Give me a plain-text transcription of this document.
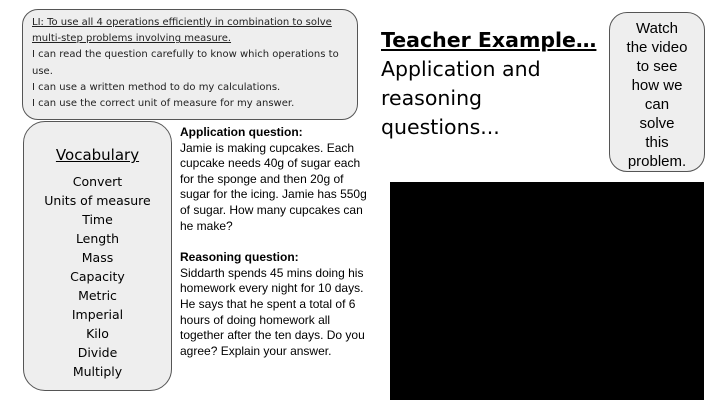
LI: To use all 4 operations efficiently in combination to solve multi-step problems involving measure.

I can read the question carefully to know which operations to use.

I can use a written method to do my calculations.

I can use the correct unit of measure for my answer.

Vocabulary
Convert
Units of measure
Time
Length
Mass
Capacity
Metric
Imperial
Kilo
Divide
Multiply
Application question:

Jamie is making cupcakes. Each cupcake needs 40g of sugar each for the sponge and then 20g of sugar for the icing. Jamie has 550g of sugar. How many cupcakes can he make?

Reasoning question:

Siddarth spends 45 mins doing his homework every night for 10 days. He says that he spent a total of 6 hours of doing homework all together after the ten days. Do you agree? Explain your answer.

Teacher Example…
Application and reasoning questions...
Watch
the video
to see
how we
can
solve
this
problem.
